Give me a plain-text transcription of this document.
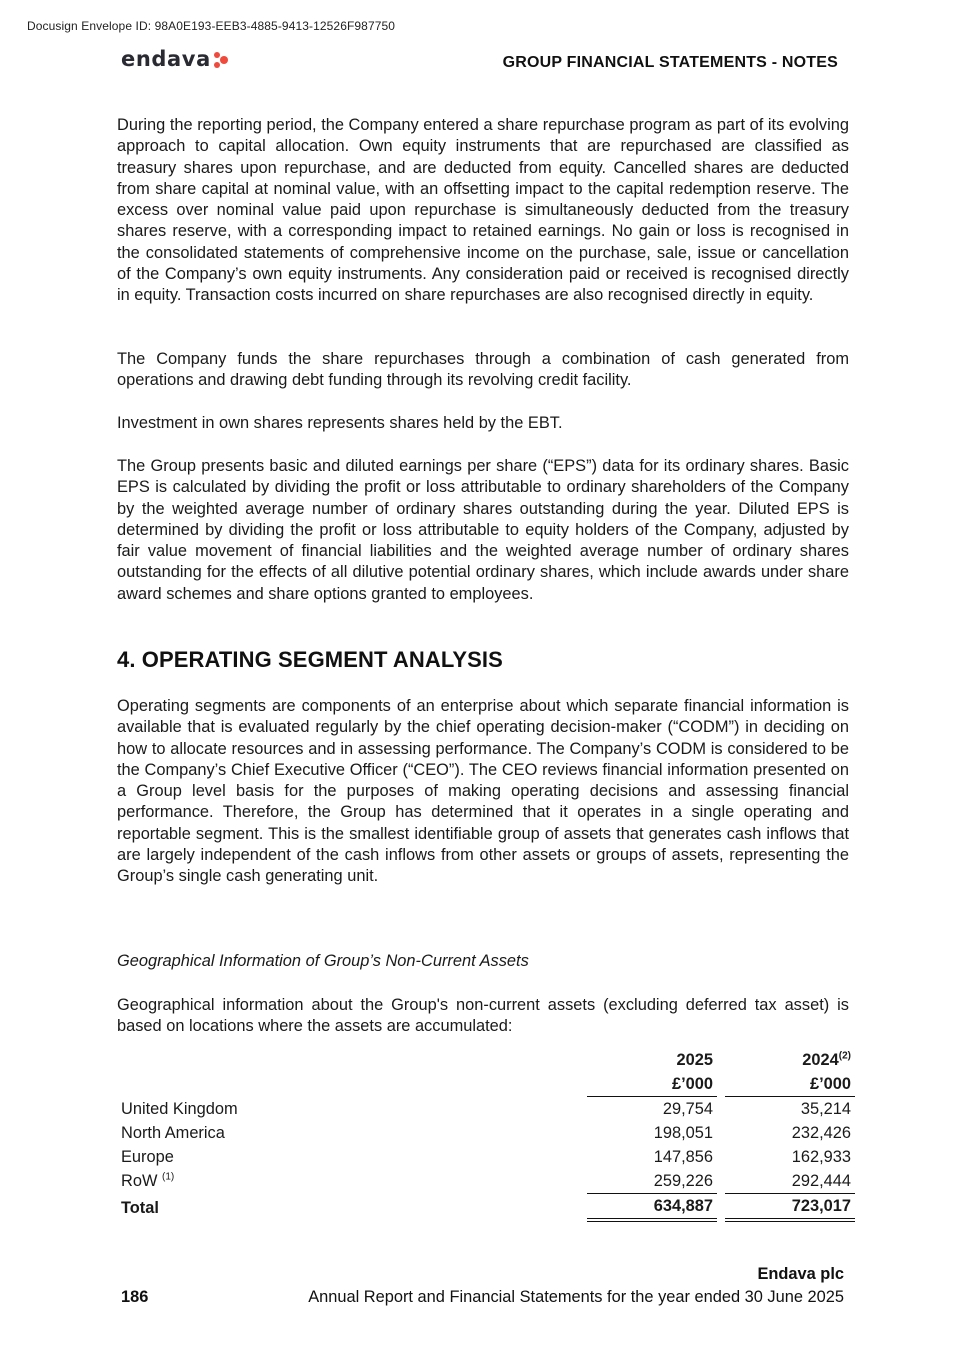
Docusign Envelope ID: 98A0E193-EEB3-4885-9413-12526F987750
endava	GROUP FINANCIAL STATEMENTS - NOTES

During the reporting period, the Company entered a share repurchase program as part of its evolving approach to capital allocation. Own equity instruments that are repurchased are classified as treasury shares upon repurchase, and are deducted from equity. Cancelled shares are deducted from share capital at nominal value, with an offsetting impact to the capital redemption reserve. The excess over nominal value paid upon repurchase is simultaneously deducted from the treasury shares reserve, with a corresponding impact to retained earnings. No gain or loss is recognised in the consolidated statements of comprehensive income on the purchase, sale, issue or cancellation of the Company’s own equity instruments. Any consideration paid or received is recognised directly in equity. Transaction costs incurred on share repurchases are also recognised directly in equity.

The Company funds the share repurchases through a combination of cash generated from operations and drawing debt funding through its revolving credit facility.

Investment in own shares represents shares held by the EBT.

The Group presents basic and diluted earnings per share (“EPS”) data for its ordinary shares. Basic EPS is calculated by dividing the profit or loss attributable to ordinary shareholders of the Company by the weighted average number of ordinary shares outstanding during the year. Diluted EPS is determined by dividing the profit or loss attributable to equity holders of the Company, adjusted by fair value movement of financial liabilities and the weighted average number of ordinary shares outstanding for the effects of all dilutive potential ordinary shares, which include awards under share award schemes and share options granted to employees.

4. OPERATING SEGMENT ANALYSIS

Operating segments are components of an enterprise about which separate financial information is available that is evaluated regularly by the chief operating decision-maker (“CODM”) in deciding on how to allocate resources and in assessing performance. The Company’s CODM is considered to be the Company’s Chief Executive Officer (“CEO”). The CEO reviews financial information presented on a Group level basis for the purposes of making operating decisions and assessing financial performance. Therefore, the Group has determined that it operates in a single operating and reportable segment. This is the smallest identifiable group of assets that generates cash inflows that are largely independent of the cash inflows from other assets or groups of assets, representing the Group’s single cash generating unit.

Geographical Information of Group’s Non-Current Assets

Geographical information about the Group's non-current assets (excluding deferred tax asset) is based on locations where the assets are accumulated:

	2025		2024$^{(2)}$
	£’000		£’000
United Kingdom	29,754		35,214
North America	198,051		232,426
Europe	147,856		162,933
RoW $^{(1)}$	259,226		292,444
Total	634,887		723,017
Endava plc
186	Annual Report and Financial Statements for the year ended 30 June 2025
